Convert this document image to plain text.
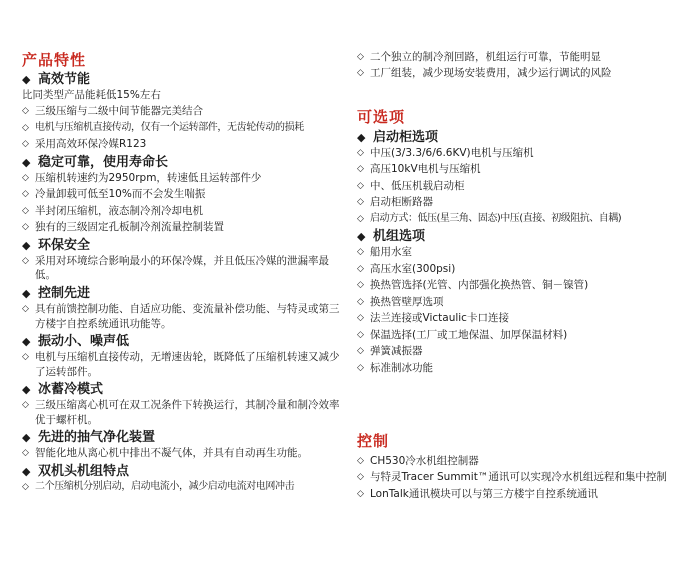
产品特性
◆ 高效节能
比同类型产品能耗低15%左右
◇ 三级压缩与二级中间节能器完美结合
◇ 电机与压缩机直接传动，仅有一个运转部件，无齿轮传动的损耗
◇ 采用高效环保冷媒R123
◆ 稳定可靠，使用寿命长
◇ 压缩机转速约为2950rpm，转速低且运转部件少
◇ 冷量卸载可低至10%而不会发生喘振
◇ 半封闭压缩机，液态制冷剂冷却电机
◇ 独有的三级固定孔板制冷剂流量控制装置
◆ 环保安全
◇ 采用对环境综合影响最小的环保冷媒，并且低压冷媒的泄漏率最低。
◆ 控制先进
◇ 具有前馈控制功能、自适应功能、变流量补偿功能、与特灵或第三方楼宇自控系统通讯功能等。
◆ 振动小、噪声低
◇ 电机与压缩机直接传动，无增速齿轮，既降低了压缩机转速又减少了运转部件。
◆ 冰蓄冷模式
◇ 三级压缩离心机可在双工况条件下转换运行，其制冷量和制冷效率优于螺杆机。
◆ 先进的抽气净化装置
◇ 智能化地从离心机中排出不凝气体，并具有自动再生功能。
◆ 双机头机组特点
◇ 二个压缩机分别启动，启动电流小，减少启动电流对电网冲击
◇ 二个独立的制冷剂回路，机组运行可靠，节能明显
◇ 工厂组装，减少现场安装费用，减少运行调试的风险
可选项
◆ 启动柜选项
◇ 中压(3/3.3/6/6.6KV)电机与压缩机
◇ 高压10kV电机与压缩机
◇ 中、低压机载启动柜
◇ 启动柜断路器
◇ 启动方式：低压(星三角、固态)中压(直接、初级阻抗、自耦)
◆ 机组选项
◇ 船用水室
◇ 高压水室(300psi)
◇ 换热管选择(光管、内部强化换热管、铜－镍管)
◇ 换热管壁厚选项
◇ 法兰连接或Victaulic卡口连接
◇ 保温选择(工厂或工地保温、加厚保温材料)
◇ 弹簧减振器
◇ 标准制冰功能
控制
◇ CH530冷水机组控制器
◇ 与特灵Tracer Summit™通讯可以实现冷水机组远程和集中控制
◇ LonTalk通讯模块可以与第三方楼宇自控系统通讯
